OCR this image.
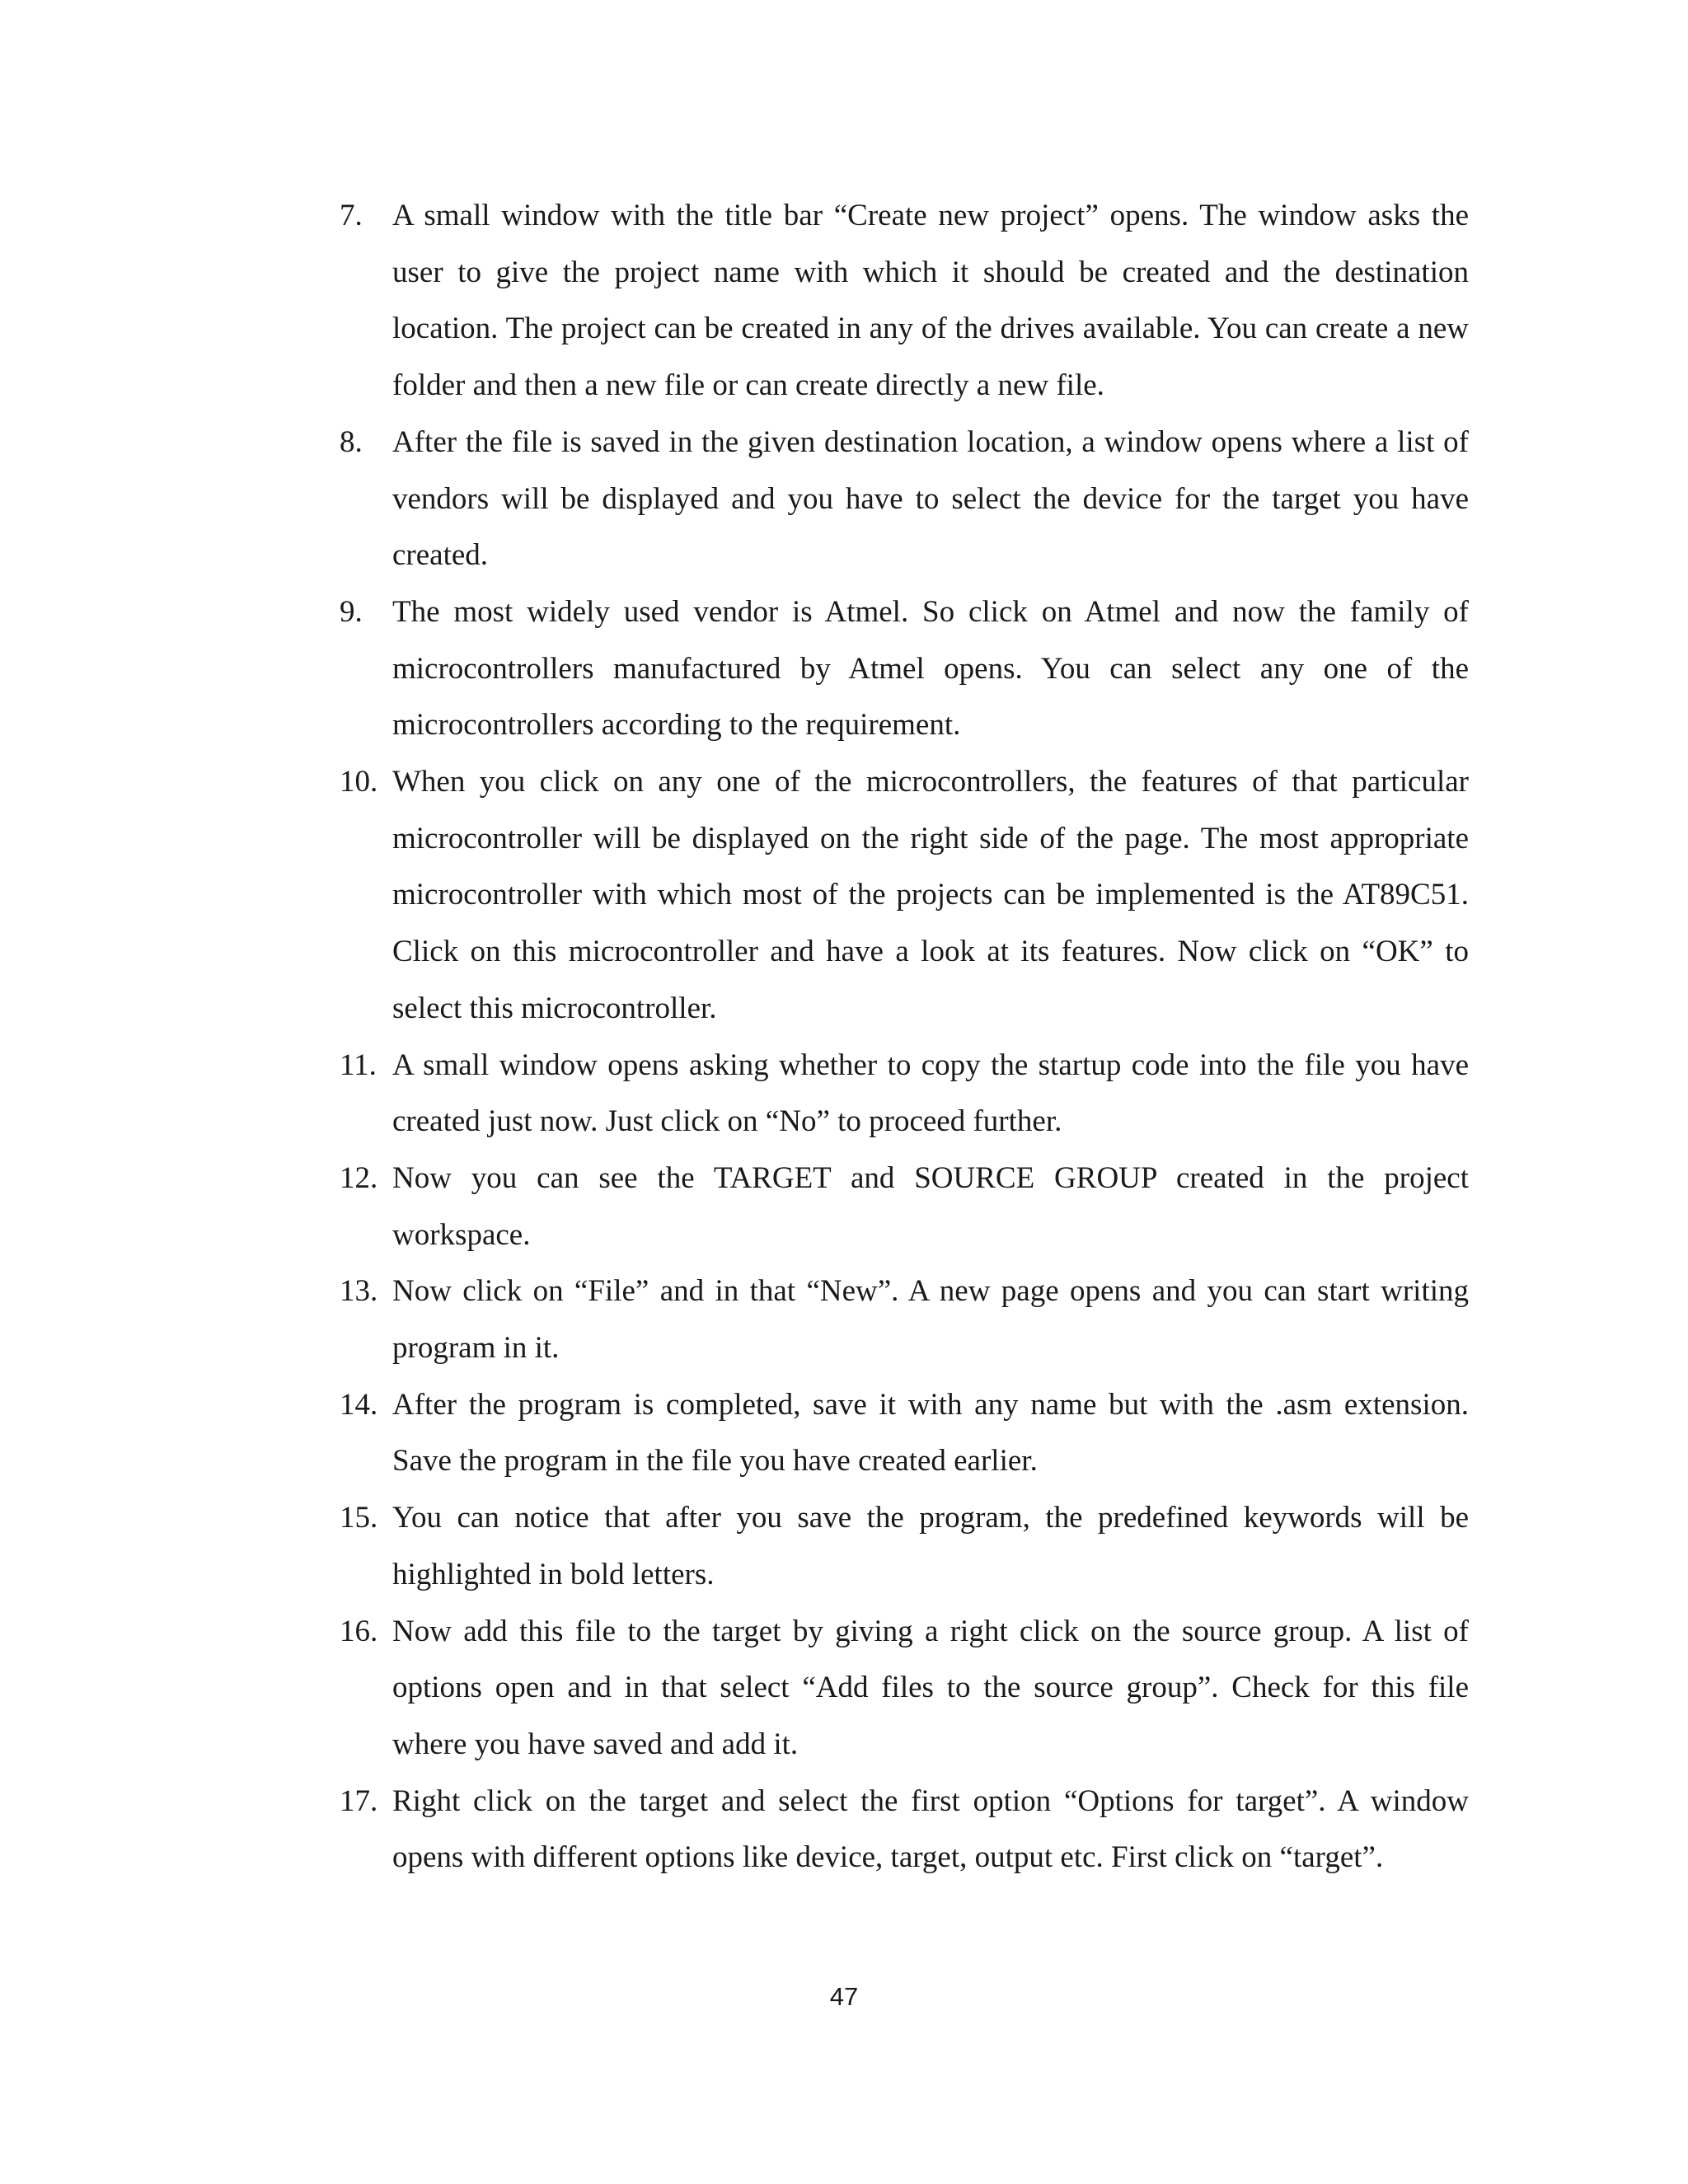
7. A small window with the title bar “Create new project” opens. The window asks the user to give the project name with which it should be created and the destination location. The project can be created in any of the drives available. You can create a new folder and then a new file or can create directly a new file.
8. After the file is saved in the given destination location, a window opens where a list of vendors will be displayed and you have to select the device for the target you have created.
9. The most widely used vendor is Atmel. So click on Atmel and now the family of microcontrollers manufactured by Atmel opens. You can select any one of the microcontrollers according to the requirement.
10. When you click on any one of the microcontrollers, the features of that particular microcontroller will be displayed on the right side of the page. The most appropriate microcontroller with which most of the projects can be implemented is the AT89C51. Click on this microcontroller and have a look at its features. Now click on “OK” to select this microcontroller.
11. A small window opens asking whether to copy the startup code into the file you have created just now. Just click on “No” to proceed further.
12. Now you can see the TARGET and SOURCE GROUP created in the project workspace.
13. Now click on “File” and in that “New”. A new page opens and you can start writing program in it.
14. After the program is completed, save it with any name but with the .asm extension. Save the program in the file you have created earlier.
15. You can notice that after you save the program, the predefined keywords will be highlighted in bold letters.
16. Now add this file to the target by giving a right click on the source group. A list of options open and in that select “Add files to the source group”. Check for this file where you have saved and add it.
17. Right click on the target and select the first option “Options for target”. A window opens with different options like device, target, output etc. First click on “target”.
47
